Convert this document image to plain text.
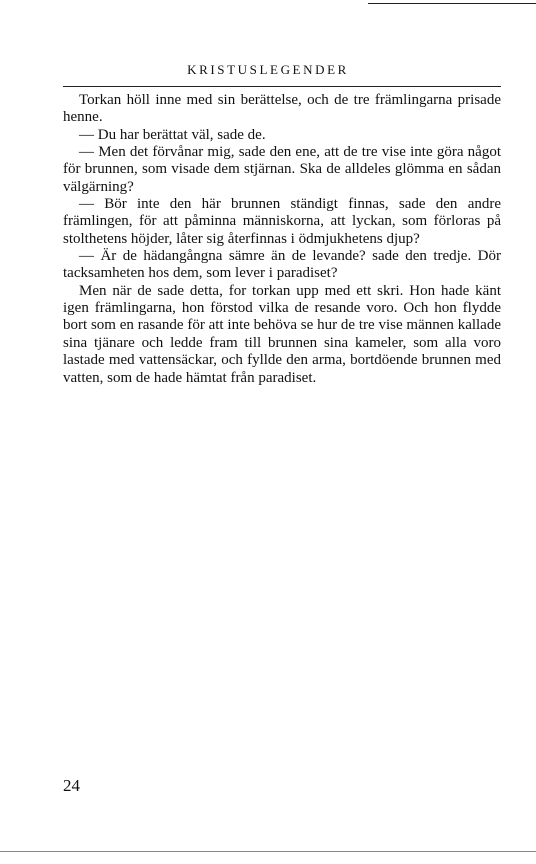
KRISTUSLEGENDER

Torkan höll inne med sin berättelse, och de tre främlingarna prisade henne.

— Du har berättat väl, sade de.

— Men det förvånar mig, sade den ene, att de tre vise inte göra något för brunnen, som visade dem stjärnan. Ska de alldeles glömma en sådan välgärning?

— Bör inte den här brunnen ständigt finnas, sade den andre främlingen, för att påminna människorna, att lyckan, som förloras på stolthetens höjder, låter sig återfinnas i ödmjukhetens djup?

— Är de hädangångna sämre än de levande? sade den tredje. Dör tacksamheten hos dem, som lever i paradiset?

Men när de sade detta, for torkan upp med ett skri. Hon hade känt igen främlingarna, hon förstod vilka de resande voro. Och hon flydde bort som en rasande för att inte behöva se hur de tre vise männen kallade sina tjänare och ledde fram till brunnen sina kameler, som alla voro lastade med vattensäckar, och fyllde den arma, bortdöende brunnen med vatten, som de hade hämtat från paradiset.

24
